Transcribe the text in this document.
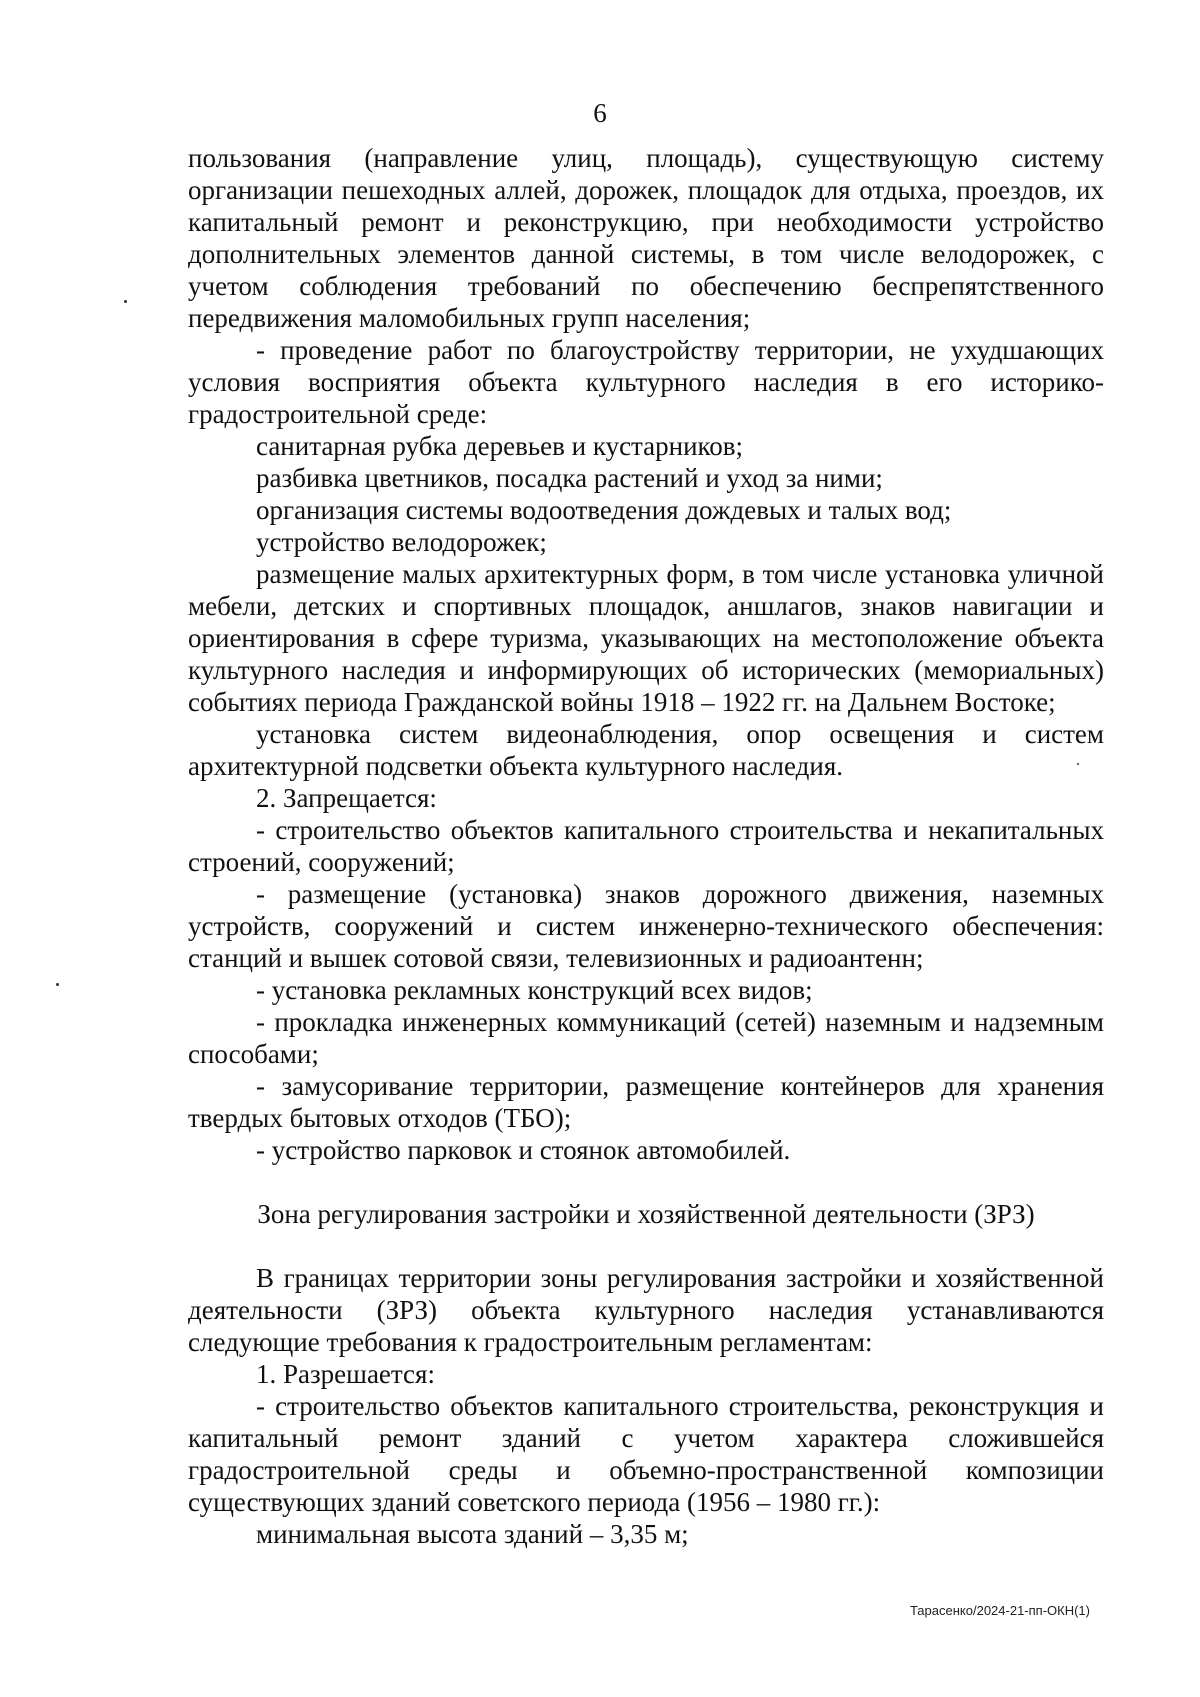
6

пользования (направление улиц, площадь), существующую систему организации пешеходных аллей, дорожек, площадок для отдыха, проездов, их капитальный ремонт и реконструкцию, при необходимости устройство дополнительных элементов данной системы, в том числе велодорожек, с учетом соблюдения требований по обеспечению беспрепятственного передвижения маломобильных групп населения;

- проведение работ по благоустройству территории, не ухудшающих условия восприятия объекта культурного наследия в его историко-градостроительной среде:

санитарная рубка деревьев и кустарников;

разбивка цветников, посадка растений и уход за ними;

организация системы водоотведения дождевых и талых вод;

устройство велодорожек;

размещение малых архитектурных форм, в том числе установка уличной мебели, детских и спортивных площадок, аншлагов, знаков навигации и ориентирования в сфере туризма, указывающих на местоположение объекта культурного наследия и информирующих об исторических (мемориальных) событиях периода Гражданской войны 1918 – 1922 гг. на Дальнем Востоке;

установка систем видеонаблюдения, опор освещения и систем архитектурной подсветки объекта культурного наследия.

2. Запрещается:

- строительство объектов капитального строительства и некапитальных строений, сооружений;

- размещение (установка) знаков дорожного движения, наземных устройств, сооружений и систем инженерно-технического обеспечения: станций и вышек сотовой связи, телевизионных и радиоантенн;

- установка рекламных конструкций всех видов;

- прокладка инженерных коммуникаций (сетей) наземным и надземным способами;

- замусоривание территории, размещение контейнеров для хранения твердых бытовых отходов (ТБО);

- устройство парковок и стоянок автомобилей.

Зона регулирования застройки и хозяйственной деятельности (ЗРЗ)

В границах территории зоны регулирования застройки и хозяйственной деятельности (ЗРЗ) объекта культурного наследия устанавливаются следующие требования к градостроительным регламентам:

1. Разрешается:

- строительство объектов капитального строительства, реконструкция и капитальный ремонт зданий с учетом характера сложившейся градостроительной среды и объемно-пространственной композиции существующих зданий советского периода (1956 – 1980 гг.):

минимальная высота зданий – 3,35 м;

Тарасенко/2024-21-пп-ОКН(1)
